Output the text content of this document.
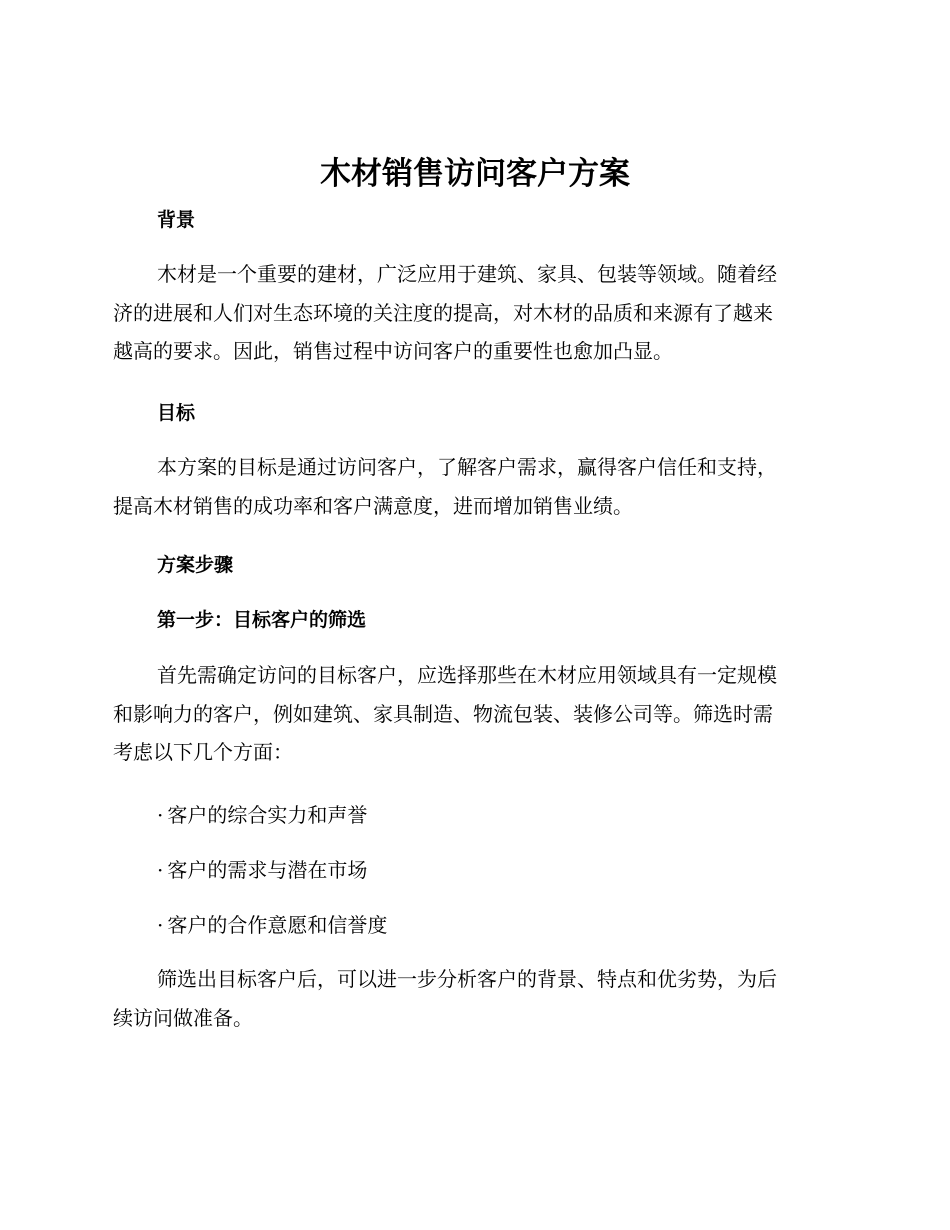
木材销售访问客户方案
背景

木材是一个重要的建材，广泛应用于建筑、家具、包装等领域。随着经
济的进展和人们对生态环境的关注度的提高，对木材的品质和来源有了越来
越高的要求。因此，销售过程中访问客户的重要性也愈加凸显。

目标

本方案的目标是通过访问客户，了解客户需求，赢得客户信任和支持，
提高木材销售的成功率和客户满意度，进而增加销售业绩。

方案步骤
第一步：目标客户的筛选

首先需确定访问的目标客户，应选择那些在木材应用领域具有一定规模
和影响力的客户，例如建筑、家具制造、物流包装、装修公司等。筛选时需
考虑以下几个方面：

· 客户的综合实力和声誉

· 客户的需求与潜在市场

· 客户的合作意愿和信誉度

筛选出目标客户后，可以进一步分析客户的背景、特点和优劣势，为后
续访问做准备。
